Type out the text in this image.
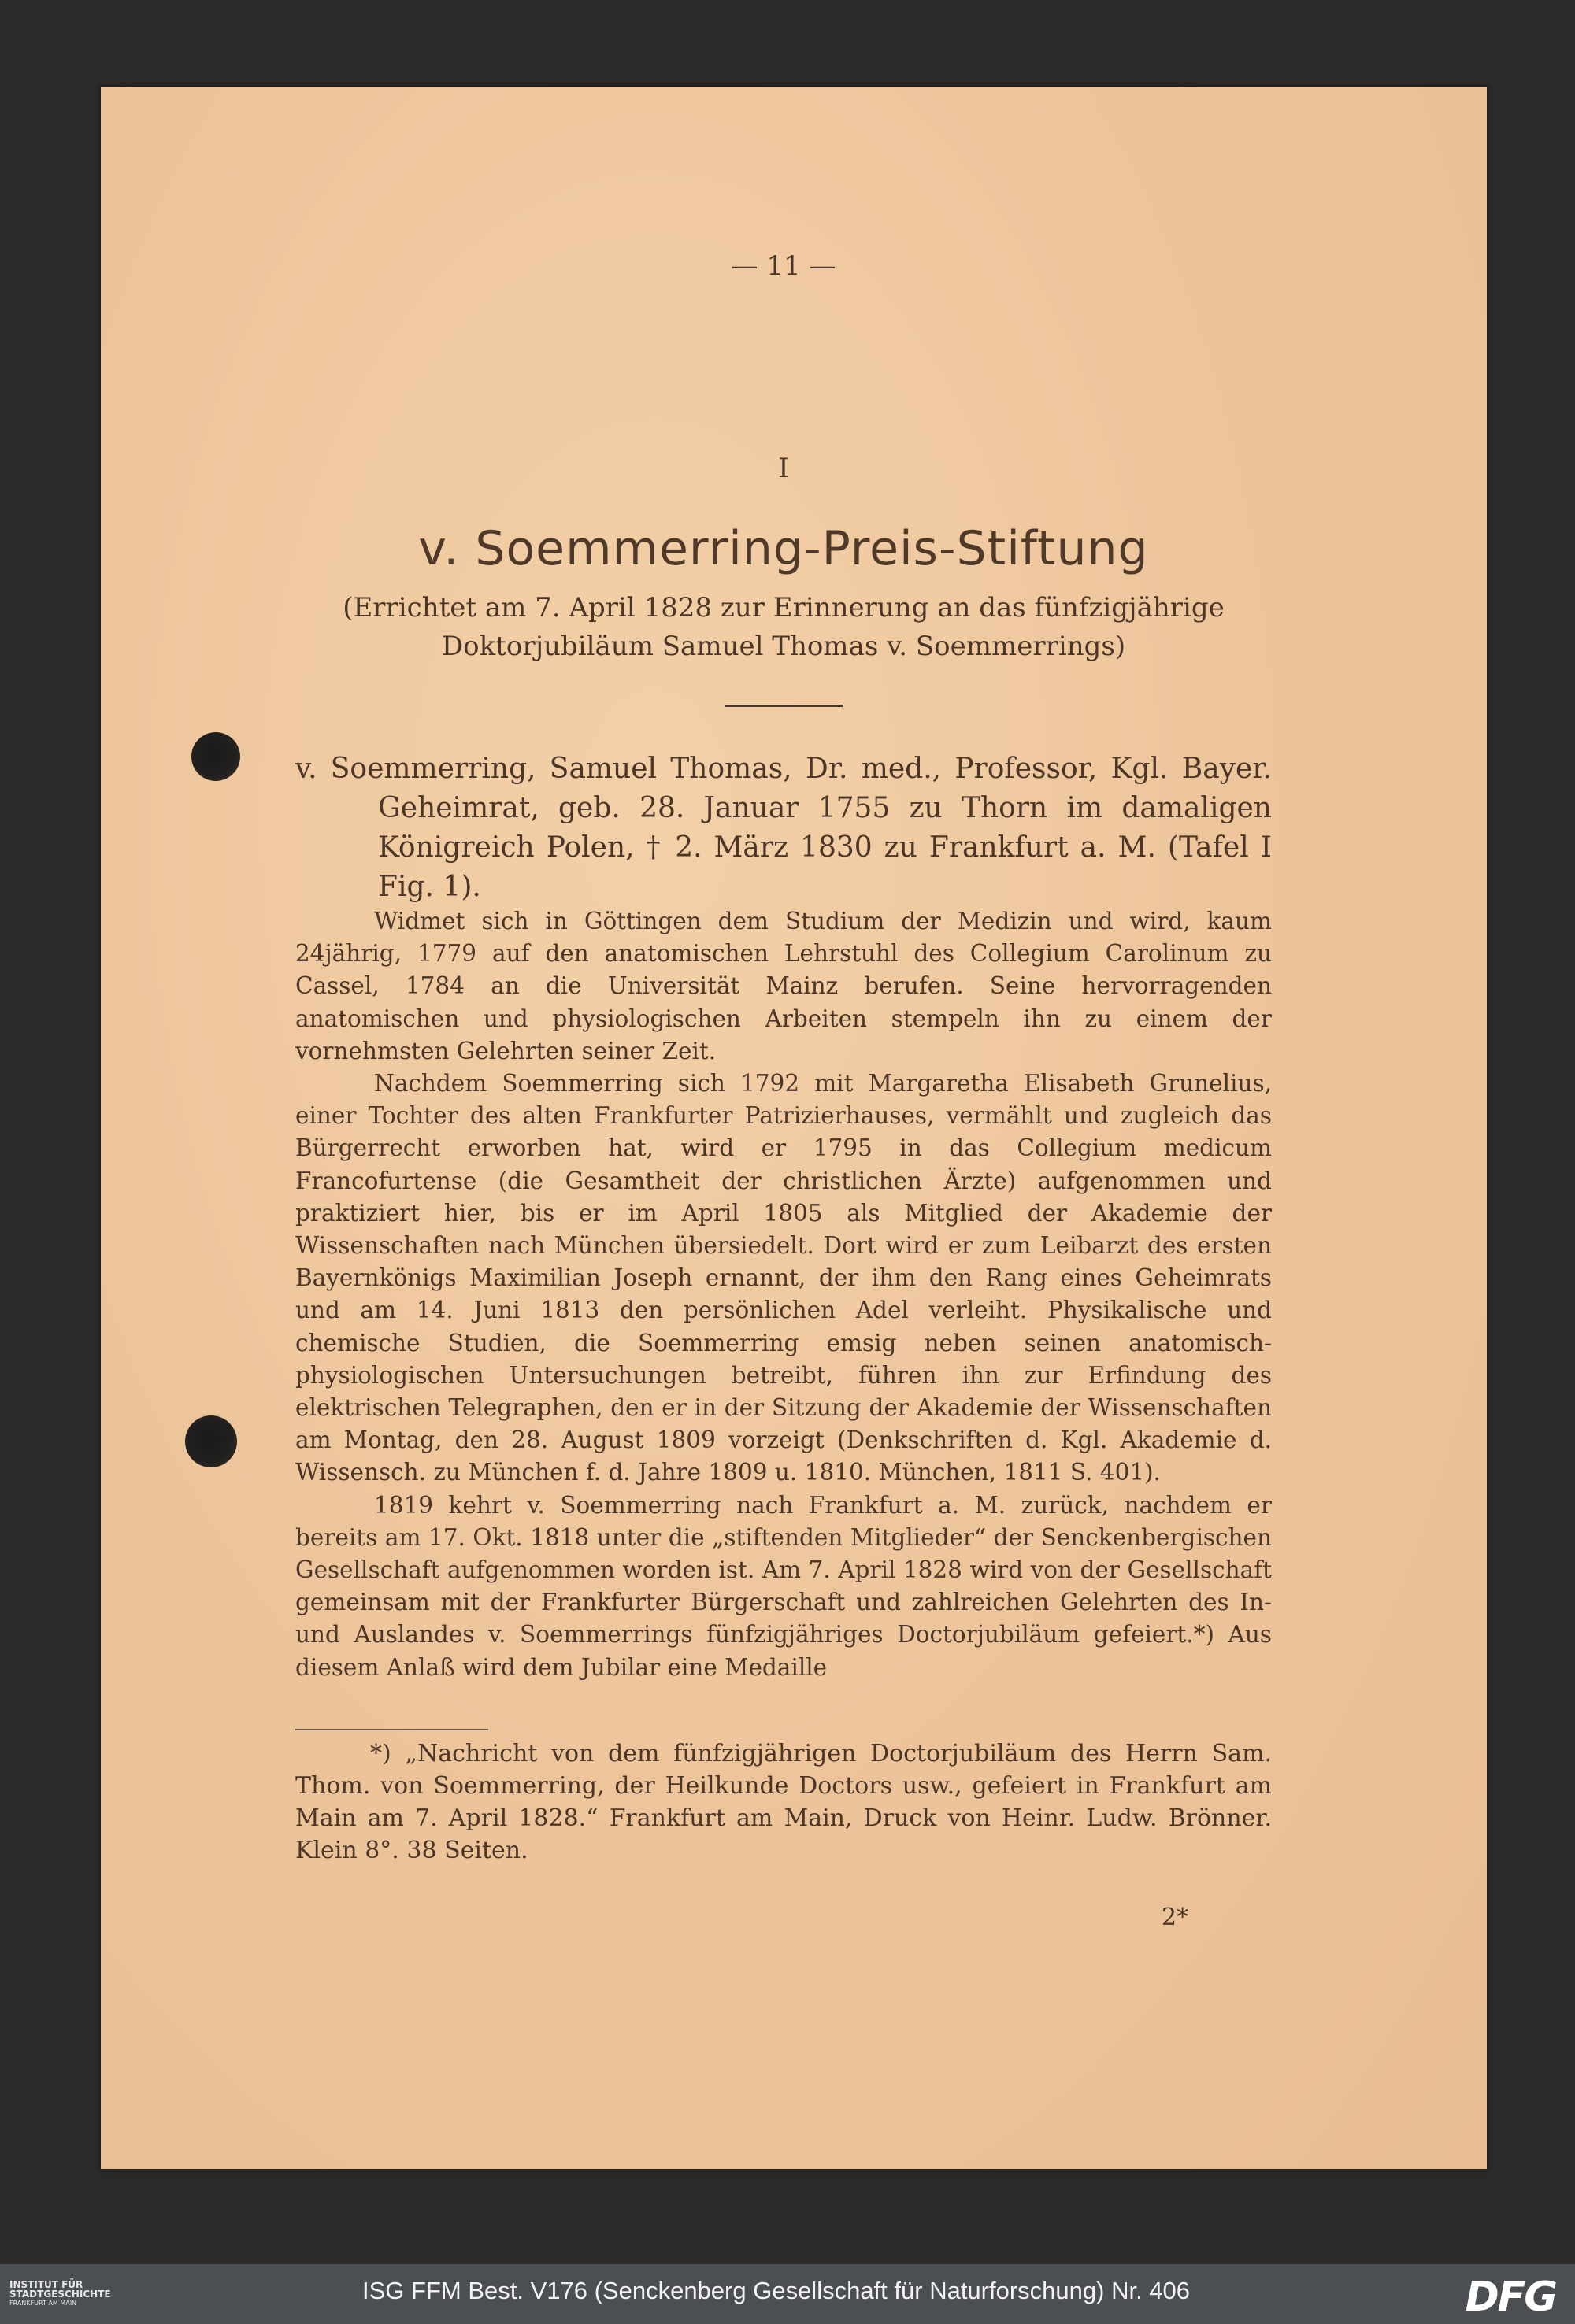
— 11 —
I
v. Soemmerring-Preis-Stiftung
(Errichtet am 7. April 1828 zur Erinnerung an das fünfzigjährige
Doktorjubiläum Samuel Thomas v. Soemmerrings)

v. Soemmerring, Samuel Thomas, Dr. med., Professor, Kgl. Bayer. Geheimrat, geb. 28. Januar 1755 zu Thorn im damaligen Königreich Polen, † 2. März 1830 zu Frankfurt a. M. (Tafel I Fig. 1).

Widmet sich in Göttingen dem Studium der Medizin und wird, kaum 24jährig, 1779 auf den anatomischen Lehrstuhl des Collegium Carolinum zu Cassel, 1784 an die Universität Mainz berufen. Seine hervorragenden anatomischen und physiologischen Arbeiten stempeln ihn zu einem der vornehmsten Gelehrten seiner Zeit.

Nachdem Soemmerring sich 1792 mit Margaretha Elisabeth Grunelius, einer Tochter des alten Frankfurter Patrizierhauses, vermählt und zugleich das Bürgerrecht erworben hat, wird er 1795 in das Collegium medicum Francofurtense (die Gesamtheit der christlichen Ärzte) aufgenommen und praktiziert hier, bis er im April 1805 als Mitglied der Akademie der Wissenschaften nach München übersiedelt. Dort wird er zum Leibarzt des ersten Bayernkönigs Maximilian Joseph ernannt, der ihm den Rang eines Geheimrats und am 14. Juni 1813 den persönlichen Adel verleiht. Physikalische und chemische Studien, die Soemmerring emsig neben seinen anatomisch-physiologischen Untersuchungen betreibt, führen ihn zur Erfindung des elektrischen Telegraphen, den er in der Sitzung der Akademie der Wissenschaften am Montag, den 28. August 1809 vorzeigt (Denkschriften d. Kgl. Akademie d. Wissensch. zu München f. d. Jahre 1809 u. 1810. München, 1811 S. 401).

1819 kehrt v. Soemmerring nach Frankfurt a. M. zurück, nachdem er bereits am 17. Okt. 1818 unter die „stiftenden Mitglieder“ der Senckenbergischen Gesellschaft aufgenommen worden ist. Am 7. April 1828 wird von der Gesellschaft gemeinsam mit der Frankfurter Bürgerschaft und zahlreichen Gelehrten des In- und Auslandes v. Soemmerrings fünfzigjähriges Doctorjubiläum gefeiert.*) Aus diesem Anlaß wird dem Jubilar eine Medaille

*) „Nachricht von dem fünfzigjährigen Doctorjubiläum des Herrn Sam. Thom. von Soemmerring, der Heilkunde Doctors usw., gefeiert in Frankfurt am Main am 7. April 1828.“ Frankfurt am Main, Druck von Heinr. Ludw. Brönner. Klein 8°. 38 Seiten.

2*
INSTITUT FÜR
STADTGESCHICHTE
FRANKFURT AM MAIN	ISG FFM Best. V176 (Senckenberg Gesellschaft für Naturforschung) Nr. 406	DFG
